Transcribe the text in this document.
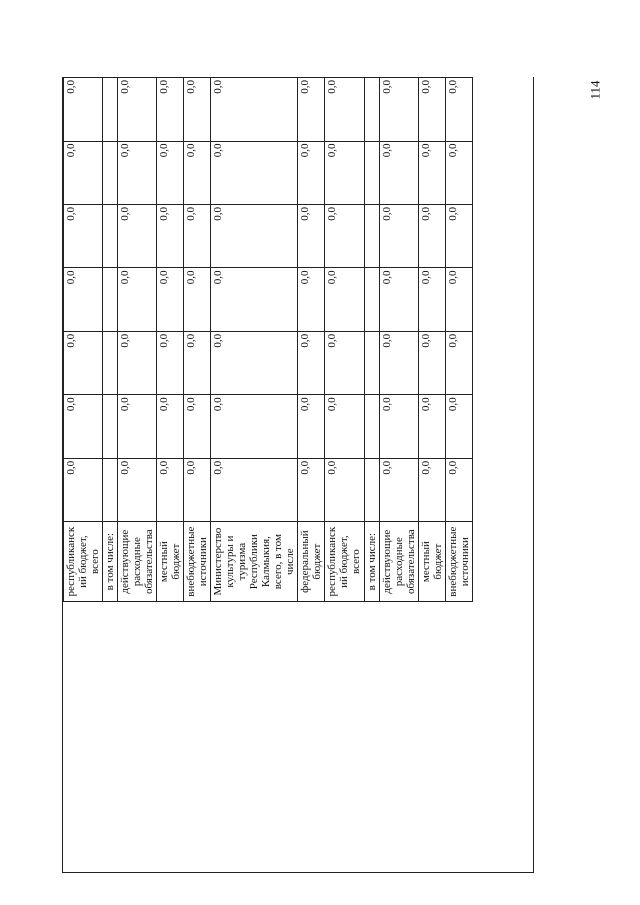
114
республиканск ий бюджет, всего	0,0	0,0	0,0	0,0	0,0	0,0	0,0
в том числе:							
действующие расходные обязательства	0,0	0,0	0,0	0,0	0,0	0,0	0,0
местный бюджет	0,0	0,0	0,0	0,0	0,0	0,0	0,0
внебюджетные источники	0,0	0,0	0,0	0,0	0,0	0,0	0,0
Министерство культуры и туризма Республики Калмыкия, всего, в том числе	0,0	0,0	0,0	0,0	0,0	0,0	0,0
федеральный бюджет	0,0	0,0	0,0	0,0	0,0	0,0	0,0
республиканск ий бюджет, всего	0,0	0,0	0,0	0,0	0,0	0,0	0,0
в том числе:							
действующие расходные обязательства	0,0	0,0	0,0	0,0	0,0	0,0	0,0
местный бюджет	0,0	0,0	0,0	0,0	0,0	0,0	0,0
внебюджетные источники	0,0	0,0	0,0	0,0	0,0	0,0	0,0
